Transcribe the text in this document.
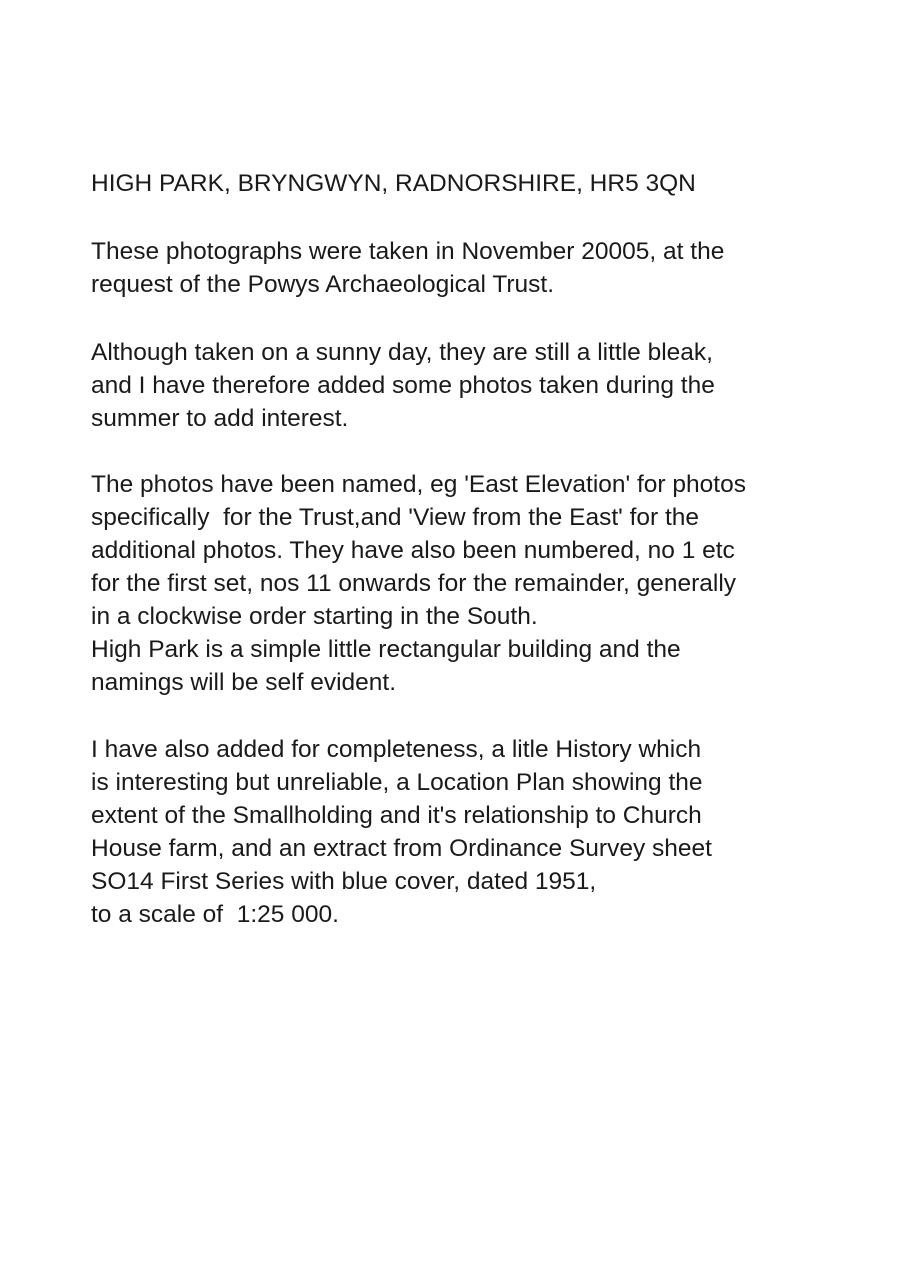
HIGH PARK, BRYNGWYN, RADNORSHIRE, HR5 3QN
These photographs were taken in November 20005, at the
request of the Powys Archaeological Trust.
Although taken on a sunny day, they are still a little bleak,
and I have therefore added some photos taken during the
summer to add interest.
The photos have been named, eg 'East Elevation' for photos
specifically  for the Trust,and 'View from the East' for the
additional photos. They have also been numbered, no 1 etc
for the first set, nos 11 onwards for the remainder, generally
in a clockwise order starting in the South.
High Park is a simple little rectangular building and the
namings will be self evident.
I have also added for completeness, a litle History which
is interesting but unreliable, a Location Plan showing the
extent of the Smallholding and it's relationship to Church
House farm, and an extract from Ordinance Survey sheet
SO14 First Series with blue cover, dated 1951,
to a scale of  1:25 000.
